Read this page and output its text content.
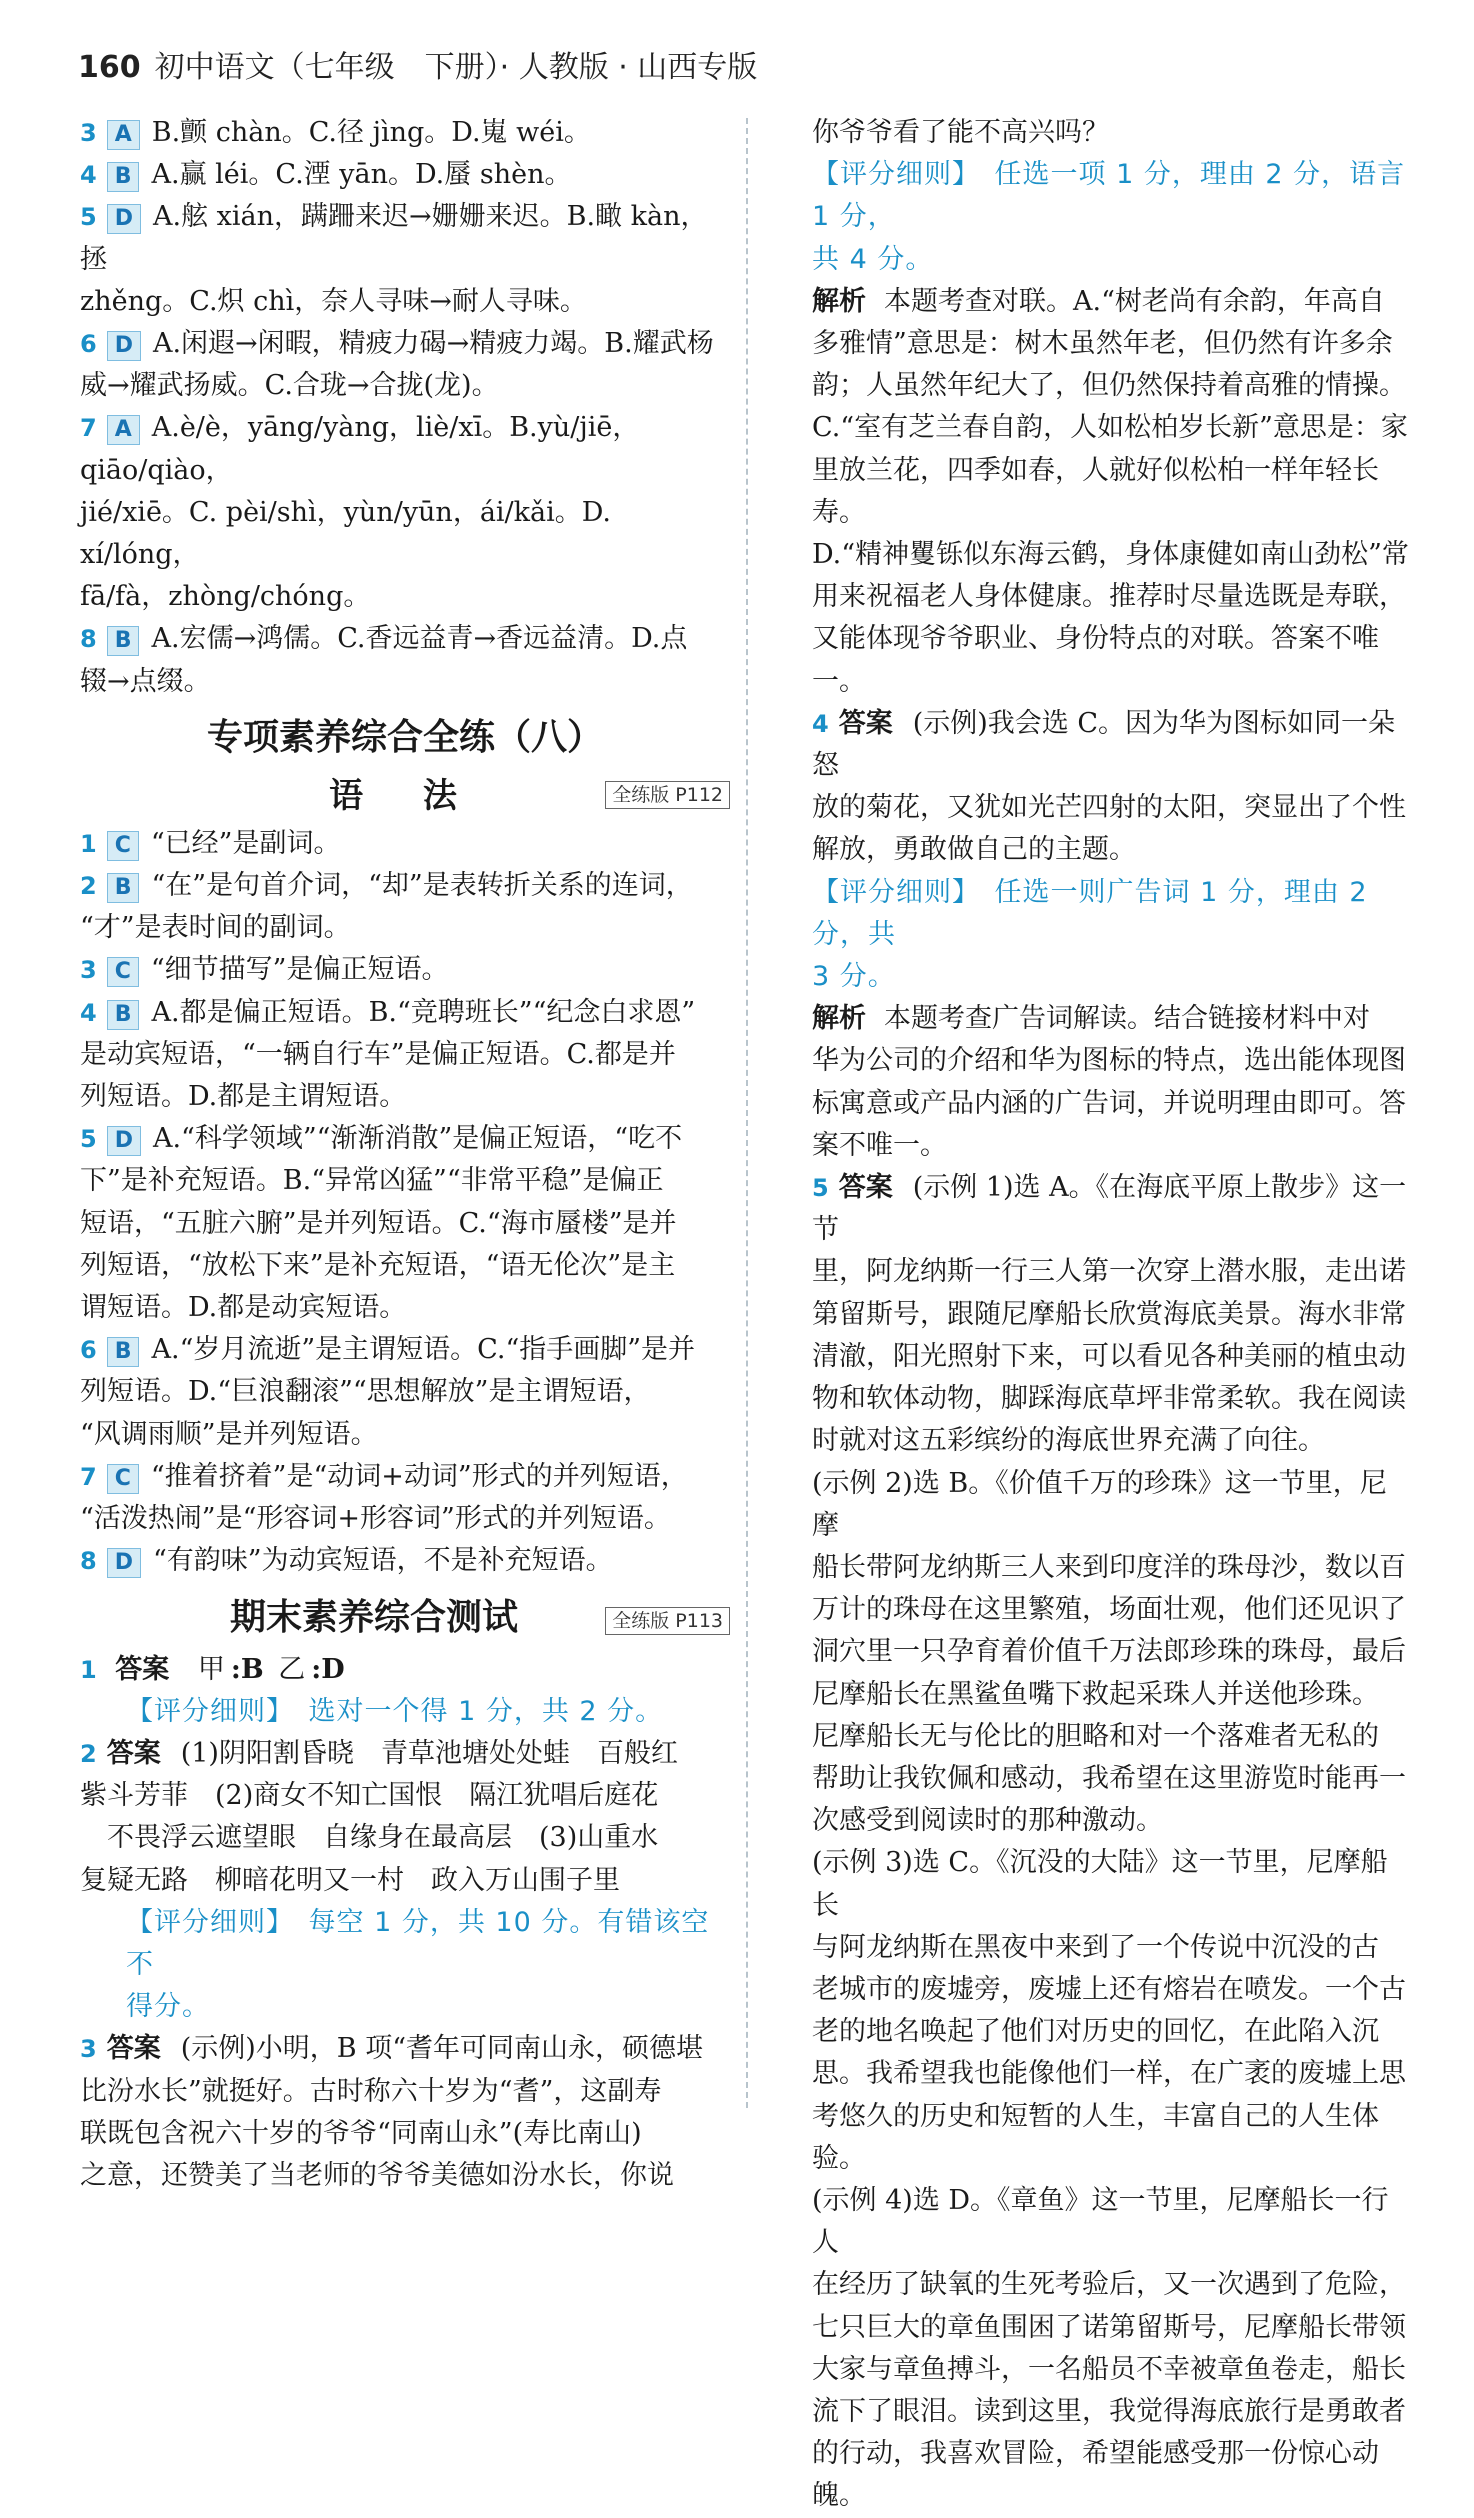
160 初中语文（七年级　下册）· 人教版 · 山西专版

3 A B.颤 chàn。C.径 jìng。D.嵬 wéi。

4 B A.赢 léi。C.湮 yān。D.蜃 shèn。

5 D A.舷 xián，蹒跚来迟→姗姗来迟。B.瞰 kàn，拯

zhěng。C.炽 chì，奈人寻味→耐人寻味。

6 D A.闲遐→闲暇，精疲力碣→精疲力竭。B.耀武杨

威→耀武扬威。C.合珑→合拢(龙)。

7 A A.è/è，yāng/yàng，liè/xī。B.yù/jiē，qiāo/qiào，

jié/xiē。C. pèi/shì，yùn/yūn，ái/kǎi。D. xí/lóng，

fā/fà，zhòng/chóng。

8 B A.宏儒→鸿儒。C.香远益青→香远益清。D.点

辍→点缀。

专项素养综合全练（八）
语 法	全练版 P112

1 C “已经”是副词。

2 B “在”是句首介词，“却”是表转折关系的连词，

“才”是表时间的副词。

3 C “细节描写”是偏正短语。

4 B A.都是偏正短语。B.“竞聘班长”“纪念白求恩”

是动宾短语，“一辆自行车”是偏正短语。C.都是并

列短语。D.都是主谓短语。

5 D A.“科学领域”“渐渐消散”是偏正短语，“吃不

下”是补充短语。B.“异常凶猛”“非常平稳”是偏正

短语，“五脏六腑”是并列短语。C.“海市蜃楼”是并

列短语，“放松下来”是补充短语，“语无伦次”是主

谓短语。D.都是动宾短语。

6 B A.“岁月流逝”是主谓短语。C.“指手画脚”是并

列短语。D.“巨浪翻滚”“思想解放”是主谓短语，

“风调雨顺”是并列短语。

7 C “推着挤着”是“动词+动词”形式的并列短语，

“活泼热闹”是“形容词+形容词”形式的并列短语。

8 D “有韵味”为动宾短语，不是补充短语。

期末素养综合测试	全练版 P113

1 答案 甲 :B 乙 :D

【评分细则】　选对一个得 1 分，共 2 分。

2 答案 (1)阴阳割昏晓　青草池塘处处蛙　百般红

紫斗芳菲　(2)商女不知亡国恨　隔江犹唱后庭花

　不畏浮云遮望眼　自缘身在最高层　(3)山重水

复疑无路　柳暗花明又一村　政入万山围子里

【评分细则】　每空 1 分，共 10 分。有错该空不

得分。

3 答案 (示例)小明，B 项“耆年可同南山永，硕德堪

比汾水长”就挺好。古时称六十岁为“耆”，这副寿

联既包含祝六十岁的爷爷“同南山永”(寿比南山)

之意，还赞美了当老师的爷爷美德如汾水长，你说

你爷爷看了能不高兴吗？

【评分细则】　任选一项 1 分，理由 2 分，语言 1 分，

共 4 分。

解析 本题考查对联。A.“树老尚有余韵，年高自

多雅情”意思是：树木虽然年老，但仍然有许多余

韵；人虽然年纪大了，但仍然保持着高雅的情操。

C.“室有芝兰春自韵，人如松柏岁长新”意思是：家

里放兰花，四季如春，人就好似松柏一样年轻长寿。

D.“精神矍铄似东海云鹤，身体康健如南山劲松”常

用来祝福老人身体健康。推荐时尽量选既是寿联，

又能体现爷爷职业、身份特点的对联。答案不唯一。

4 答案 (示例)我会选 C。因为华为图标如同一朵怒

放的菊花，又犹如光芒四射的太阳，突显出了个性

解放，勇敢做自己的主题。

【评分细则】　任选一则广告词 1 分，理由 2 分，共

3 分。

解析 本题考查广告词解读。结合链接材料中对

华为公司的介绍和华为图标的特点，选出能体现图

标寓意或产品内涵的广告词，并说明理由即可。答

案不唯一。

5 答案 (示例 1)选 A。《在海底平原上散步》这一节

里，阿龙纳斯一行三人第一次穿上潜水服，走出诺

第留斯号，跟随尼摩船长欣赏海底美景。海水非常

清澈，阳光照射下来，可以看见各种美丽的植虫动

物和软体动物，脚踩海底草坪非常柔软。我在阅读

时就对这五彩缤纷的海底世界充满了向往。

(示例 2)选 B。《价值千万的珍珠》这一节里，尼摩

船长带阿龙纳斯三人来到印度洋的珠母沙，数以百

万计的珠母在这里繁殖，场面壮观，他们还见识了

洞穴里一只孕育着价值千万法郎珍珠的珠母，最后

尼摩船长在黑鲨鱼嘴下救起采珠人并送他珍珠。

尼摩船长无与伦比的胆略和对一个落难者无私的

帮助让我钦佩和感动，我希望在这里游览时能再一

次感受到阅读时的那种激动。

(示例 3)选 C。《沉没的大陆》这一节里，尼摩船长

与阿龙纳斯在黑夜中来到了一个传说中沉没的古

老城市的废墟旁，废墟上还有熔岩在喷发。一个古

老的地名唤起了他们对历史的回忆，在此陷入沉

思。我希望我也能像他们一样，在广袤的废墟上思

考悠久的历史和短暂的人生，丰富自己的人生体验。

(示例 4)选 D。《章鱼》这一节里，尼摩船长一行人

在经历了缺氧的生死考验后，又一次遇到了危险，

七只巨大的章鱼围困了诺第留斯号，尼摩船长带领

大家与章鱼搏斗，一名船员不幸被章鱼卷走，船长

流下了眼泪。读到这里，我觉得海底旅行是勇敢者

的行动，我喜欢冒险，希望能感受那一份惊心动魄。
